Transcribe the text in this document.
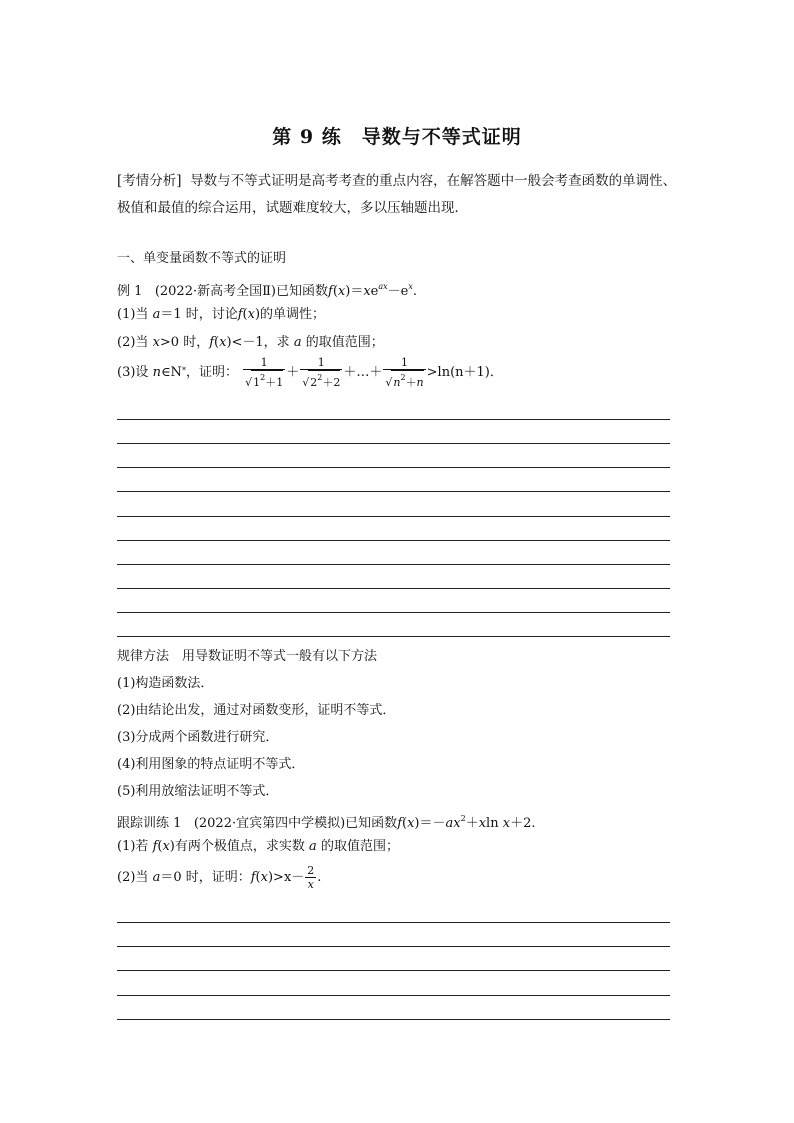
第 9 练　导数与不等式证明
[考情分析] 导数与不等式证明是高考考查的重点内容，在解答题中一般会考查函数的单调性、极值和最值的综合运用，试题难度较大，多以压轴题出现．
一、单变量函数不等式的证明
例 1 (2022·新高考全国Ⅱ)已知函数$f(x)=xe^{ax}-e^x$.
(1)当 a＝1 时，讨论f(x)的单调性；
(2)当 x>0 时，f(x)<－1，求 a 的取值范围；
(3)设 n∈N*，证明： $\frac{1}{√1^2+1} + \frac{1}{√2^2+2}$ ＋…＋ $\frac{1}{√n^2+n} >\ln(n+1)$．
规律方法　用导数证明不等式一般有以下方法
(1)构造函数法．
(2)由结论出发，通过对函数变形，证明不等式．
(3)分成两个函数进行研究．
(4)利用图象的特点证明不等式．
(5)利用放缩法证明不等式．
跟踪训练 1 (2022·宜宾第四中学模拟)已知函数$f(x)=-ax^2+xln$ x＋2.
(1)若 f(x)有两个极值点，求实数 a 的取值范围；
(2)当 a＝0 时，证明：$f(x)>x- \frac{2}{x}$ .
